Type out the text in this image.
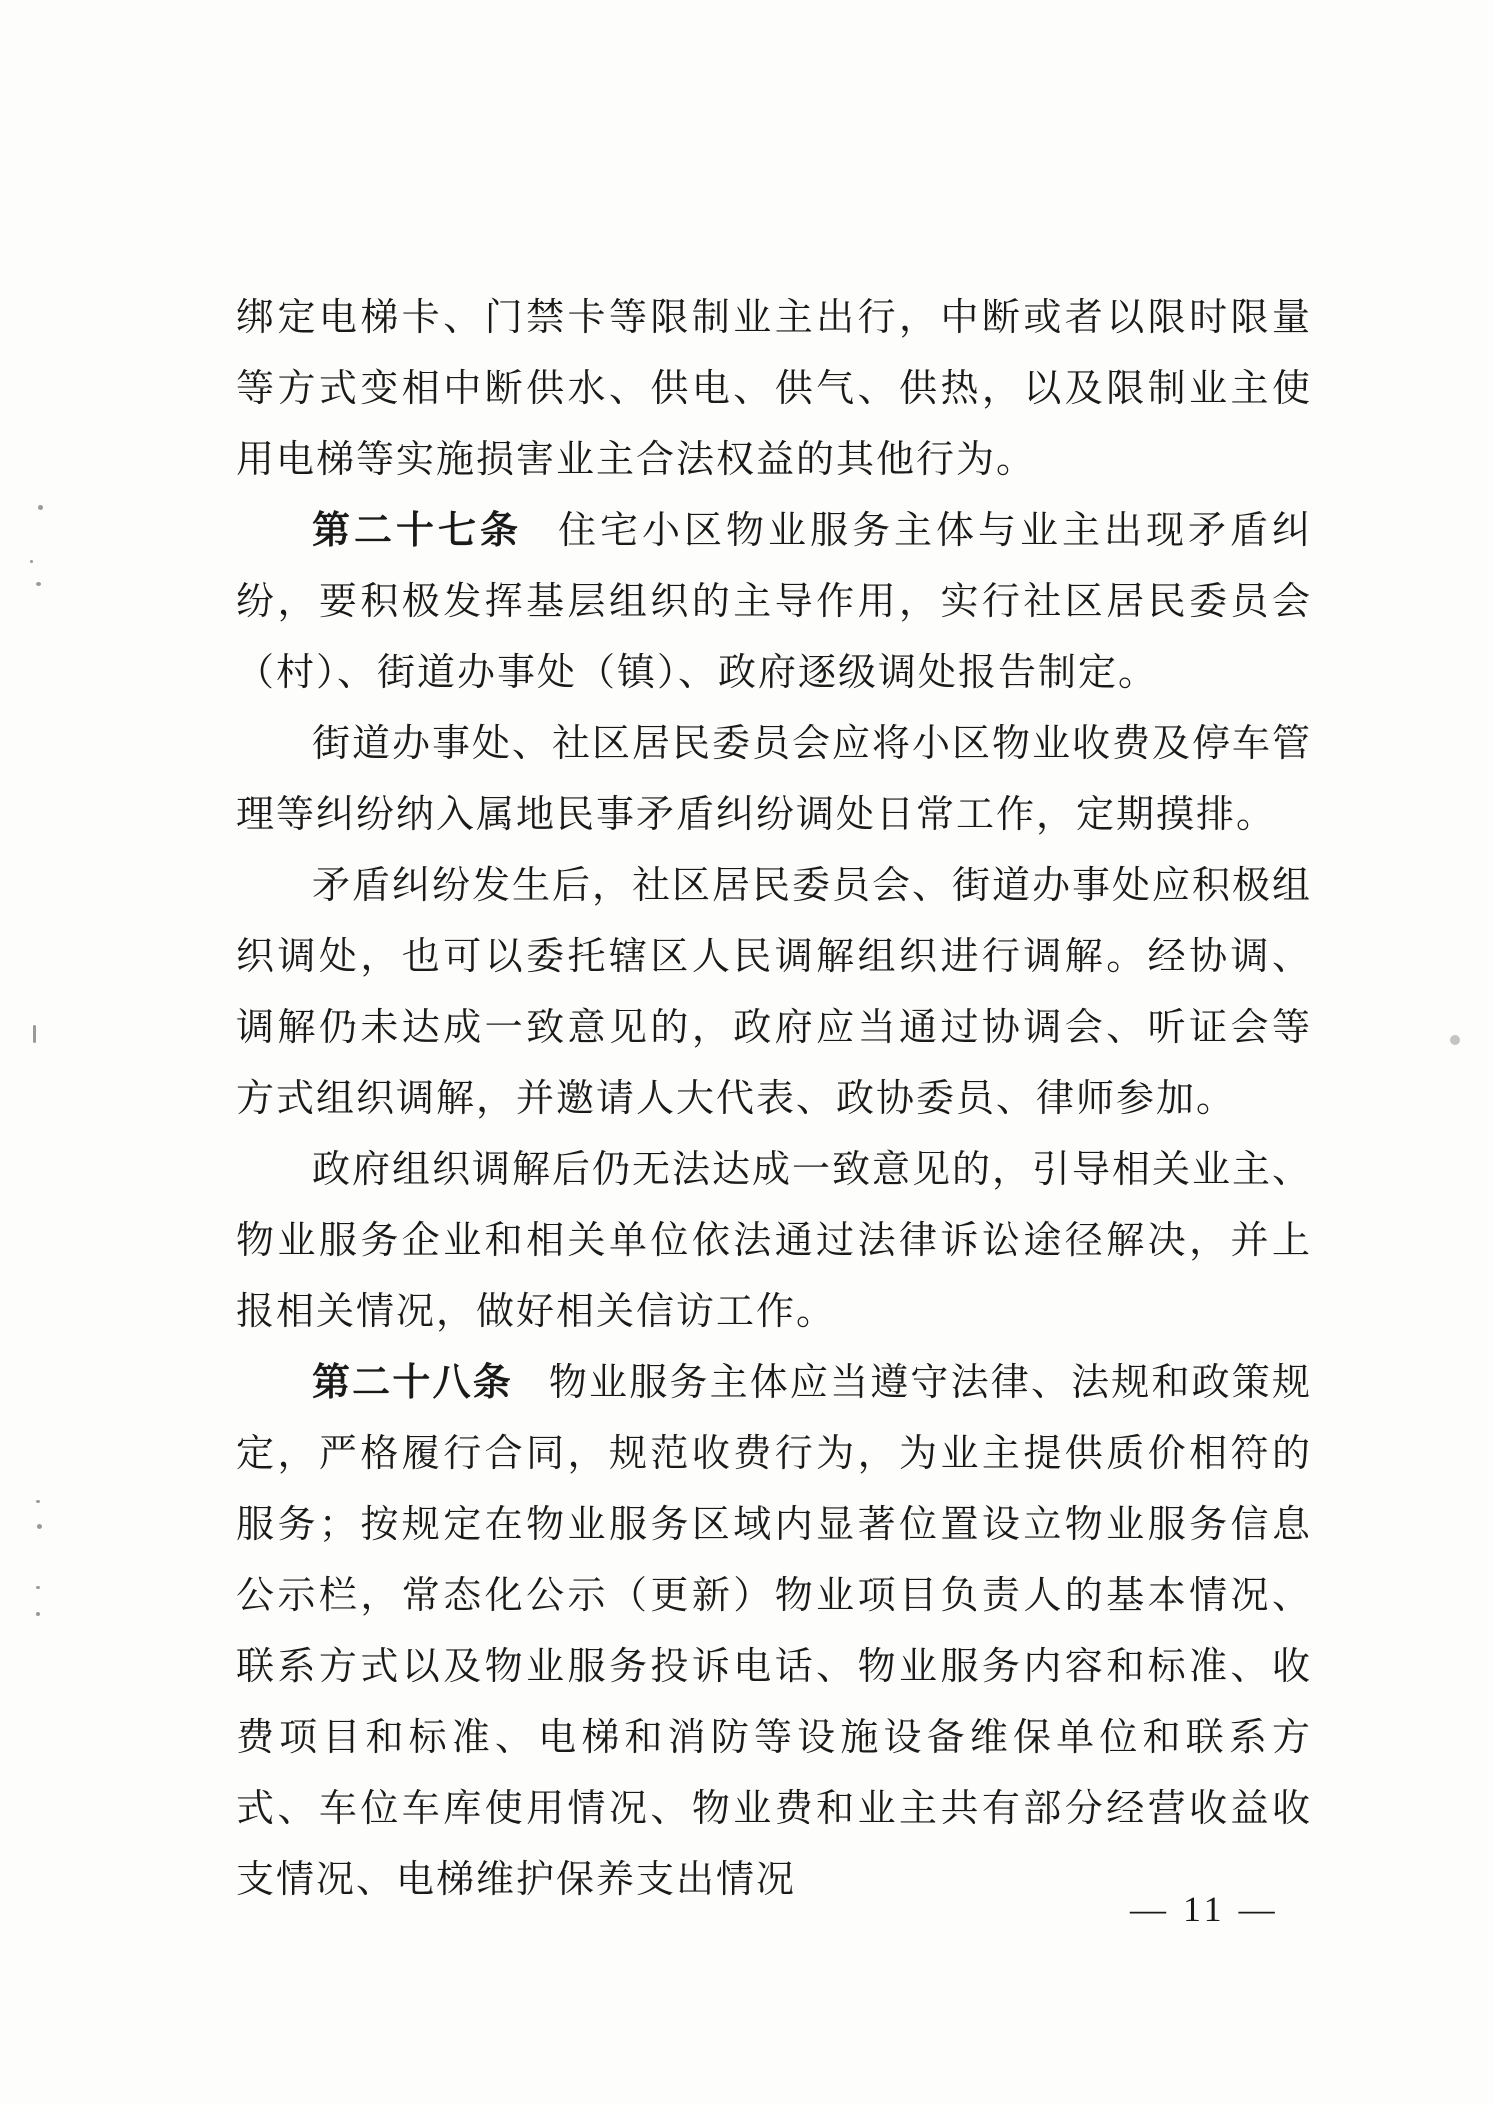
绑定电梯卡、门禁卡等限制业主出行，中断或者以限时限量等方式变相中断供水、供电、供气、供热，以及限制业主使用电梯等实施损害业主合法权益的其他行为。

第二十七条 住宅小区物业服务主体与业主出现矛盾纠纷，要积极发挥基层组织的主导作用，实行社区居民委员会（村）、街道办事处（镇）、政府逐级调处报告制定。

街道办事处、社区居民委员会应将小区物业收费及停车管理等纠纷纳入属地民事矛盾纠纷调处日常工作，定期摸排。

矛盾纠纷发生后，社区居民委员会、街道办事处应积极组织调处，也可以委托辖区人民调解组织进行调解。经协调、调解仍未达成一致意见的，政府应当通过协调会、听证会等方式组织调解，并邀请人大代表、政协委员、律师参加。

政府组织调解后仍无法达成一致意见的，引导相关业主、物业服务企业和相关单位依法通过法律诉讼途径解决，并上报相关情况，做好相关信访工作。

第二十八条 物业服务主体应当遵守法律、法规和政策规定，严格履行合同，规范收费行为，为业主提供质价相符的服务；按规定在物业服务区域内显著位置设立物业服务信息公示栏，常态化公示（更新）物业项目负责人的基本情况、联系方式以及物业服务投诉电话、物业服务内容和标准、收费项目和标准、电梯和消防等设施设备维保单位和联系方式、车位车库使用情况、物业费和业主共有部分经营收益收支情况、电梯维护保养支出情况

— 11 —
